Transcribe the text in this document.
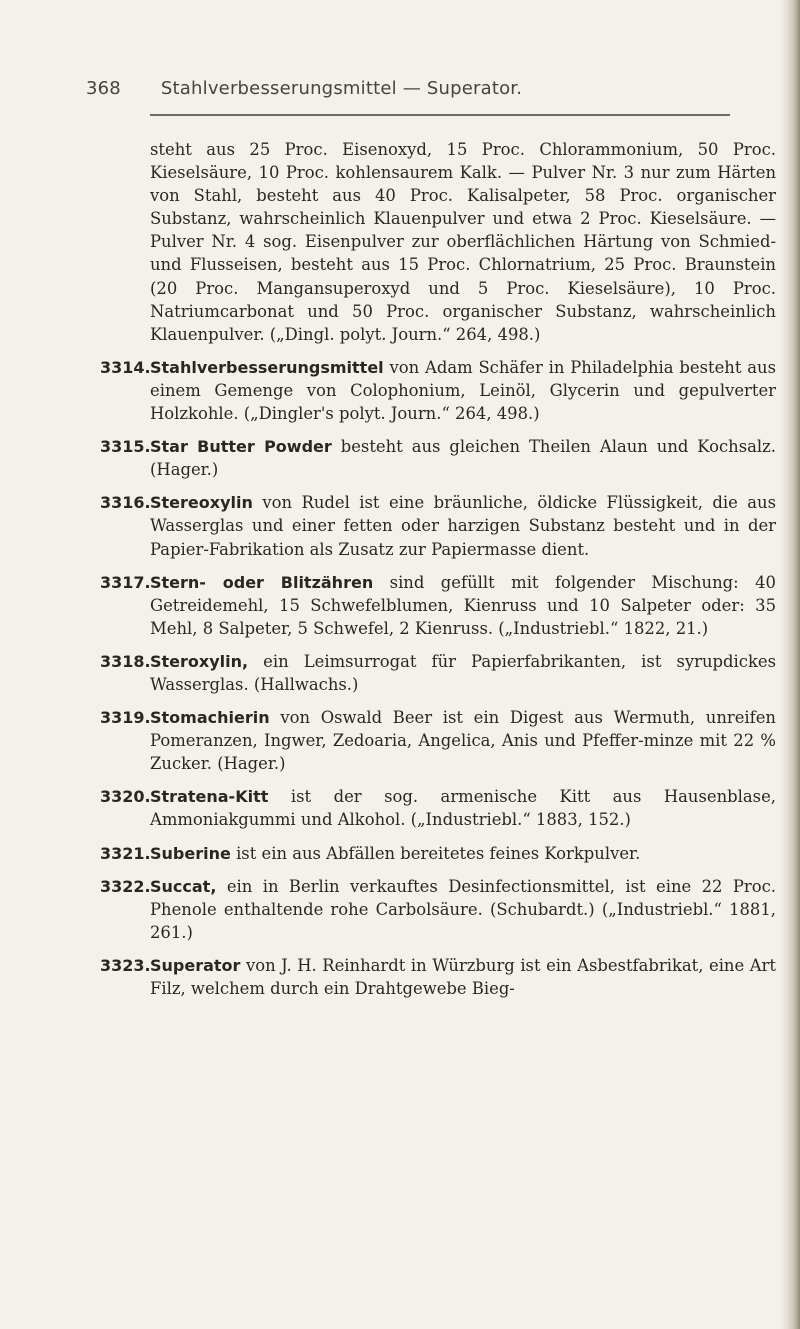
368 Stahlverbesserungsmittel — Superator.

steht aus 25 Proc. Eisenoxyd, 15 Proc. Chlorammonium, 50 Proc. Kieselsäure, 10 Proc. kohlensaurem Kalk. — Pulver Nr. 3 nur zum Härten von Stahl, besteht aus 40 Proc. Kalisalpeter, 58 Proc. organischer Substanz, wahrscheinlich Klauenpulver und etwa 2 Proc. Kieselsäure. — Pulver Nr. 4 sog. Eisenpulver zur oberflächlichen Härtung von Schmied- und Flusseisen, besteht aus 15 Proc. Chlornatrium, 25 Proc. Braunstein (20 Proc. Mangansuperoxyd und 5 Proc. Kieselsäure), 10 Proc. Natriumcarbonat und 50 Proc. organischer Substanz, wahrscheinlich Klauenpulver. („Dingl. polyt. Journ.“ 264, 498.)

3314. Stahlverbesserungsmittel von Adam Schäfer in Philadelphia besteht aus einem Gemenge von Colophonium, Leinöl, Glycerin und gepulverter Holzkohle. („Dingler's polyt. Journ.“ 264, 498.)
3315. Star Butter Powder besteht aus gleichen Theilen Alaun und Kochsalz. (Hager.)
3316. Stereoxylin von Rudel ist eine bräunliche, öldicke Flüssigkeit, die aus Wasserglas und einer fetten oder harzigen Substanz besteht und in der Papier-Fabrikation als Zusatz zur Papiermasse dient.
3317. Stern- oder Blitzähren sind gefüllt mit folgender Mischung: 40 Getreidemehl, 15 Schwefelblumen, Kienruss und 10 Salpeter oder: 35 Mehl, 8 Salpeter, 5 Schwefel, 2 Kienruss. („Industriebl.“ 1822, 21.)
3318. Steroxylin, ein Leimsurrogat für Papierfabrikanten, ist syrupdickes Wasserglas. (Hallwachs.)
3319. Stomachierin von Oswald Beer ist ein Digest aus Wermuth, unreifen Pomeranzen, Ingwer, Zedoaria, Angelica, Anis und Pfeffer-minze mit 22 % Zucker. (Hager.)
3320. Stratena-Kitt ist der sog. armenische Kitt aus Hausenblase, Ammoniakgummi und Alkohol. („Industriebl.“ 1883, 152.)
3321. Suberine ist ein aus Abfällen bereitetes feines Korkpulver.
3322. Succat, ein in Berlin verkauftes Desinfectionsmittel, ist eine 22 Proc. Phenole enthaltende rohe Carbolsäure. (Schubardt.) („Industriebl.“ 1881, 261.)
3323. Superator von J. H. Reinhardt in Würzburg ist ein Asbestfabrikat, eine Art Filz, welchem durch ein Drahtgewebe Bieg-
